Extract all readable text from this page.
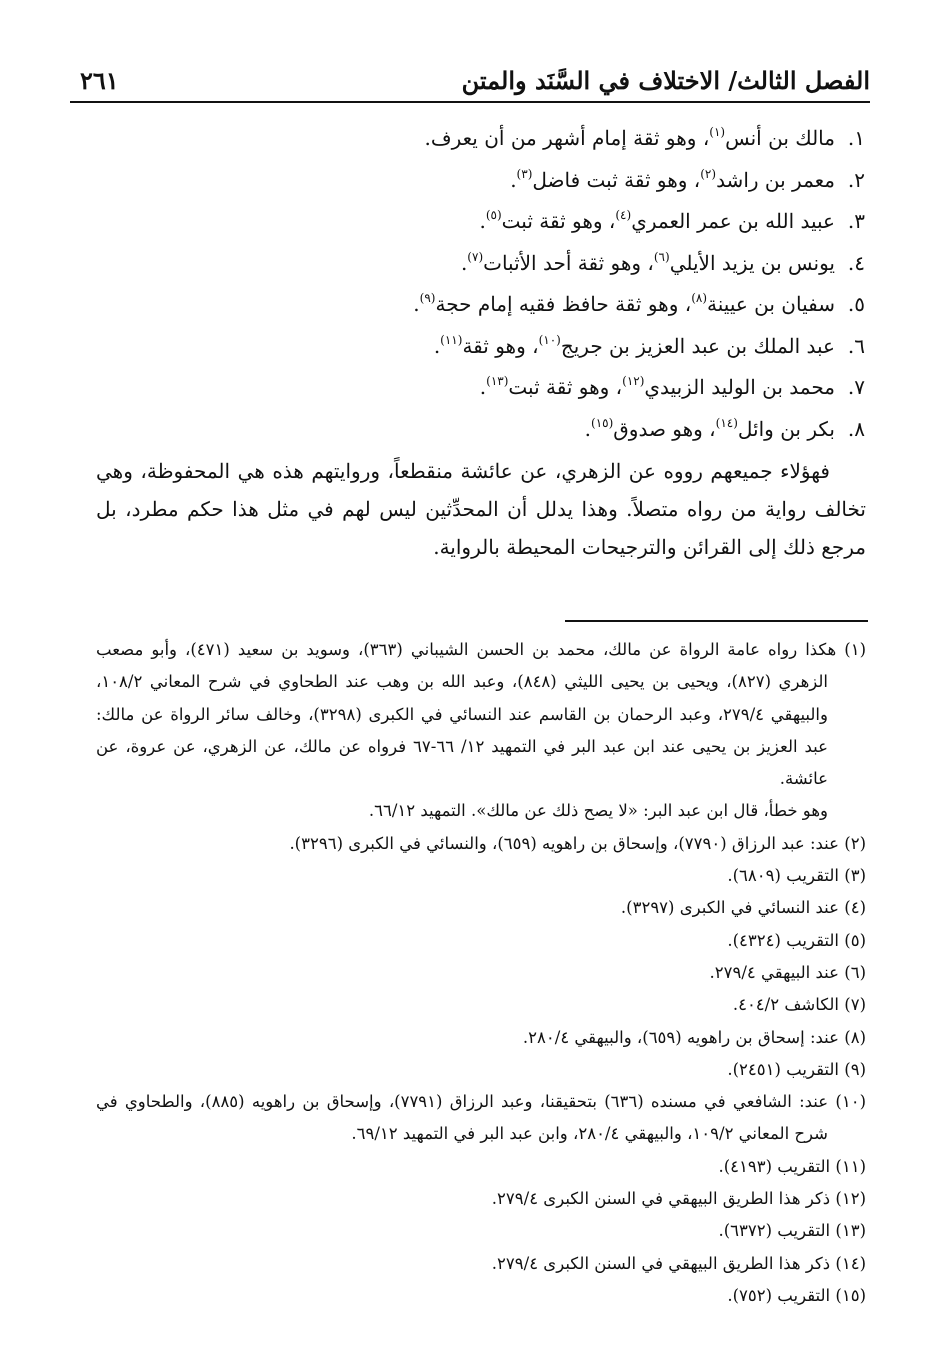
الفصل الثالث/ الاختلاف في السَّنَد والمتن
٢٦١
١.مالك بن أنس$^{(١)}$، وهو ثقة إمام أشهر من أن يعرف.
٢.معمر بن راشد$^{(٢)}$، وهو ثقة ثبت فاضل$^{(٣)}$.
٣.عبيد الله بن عمر العمري$^{(٤)}$، وهو ثقة ثبت$^{(٥)}$.
٤.يونس بن يزيد الأيلي$^{(٦)}$، وهو ثقة أحد الأثبات$^{(٧)}$.
٥.سفيان بن عيينة$^{(٨)}$، وهو ثقة حافظ فقيه إمام حجة$^{(٩)}$.
٦.عبد الملك بن عبد العزيز بن جريج$^{(١٠)}$، وهو ثقة$^{(١١)}$.
٧.محمد بن الوليد الزبيدي$^{(١٢)}$، وهو ثقة ثبت$^{(١٣)}$.
٨.بكر بن وائل$^{(١٤)}$، وهو صدوق$^{(١٥)}$.

فهؤلاء جميعهم رووه عن الزهري، عن عائشة منقطعاً، وروايتهم هذه هي المحفوظة، وهي تخالف رواية من رواه متصلاً. وهذا يدلل أن المحدِّثين ليس لهم في مثل هذا حكم مطرد، بل مرجع ذلك إلى القرائن والترجيحات المحيطة بالرواية.

(١) هكذا رواه عامة الرواة عن مالك، محمد بن الحسن الشيباني (٣٦٣)، وسويد بن سعيد (٤٧١)، وأبو مصعب الزهري (٨٢٧)، ويحيى بن يحيى الليثي (٨٤٨)، وعبد الله بن وهب عند الطحاوي في شرح المعاني ١٠٨/٢، والبيهقي ٢٧٩/٤، وعبد الرحمان بن القاسم عند النسائي في الكبرى (٣٢٩٨)، وخالف سائر الرواة عن مالك: عبد العزيز بن يحيى عند ابن عبد البر في التمهيد ١٢/ ٦٦-٦٧ فرواه عن مالك، عن الزهري، عن عروة، عن عائشة.
وهو خطأ، قال ابن عبد البر: «لا يصح ذلك عن مالك». التمهيد ٦٦/١٢.
(٢) عند: عبد الرزاق (٧٧٩٠)، وإسحاق بن راهويه (٦٥٩)، والنسائي في الكبرى (٣٢٩٦).
(٣) التقريب (٦٨٠٩).
(٤) عند النسائي في الكبرى (٣٢٩٧).
(٥) التقريب (٤٣٢٤).
(٦) عند البيهقي ٢٧٩/٤.
(٧) الكاشف ٤٠٤/٢.
(٨) عند: إسحاق بن راهويه (٦٥٩)، والبيهقي ٢٨٠/٤.
(٩) التقريب (٢٤٥١).
(١٠) عند: الشافعي في مسنده (٦٣٦) بتحقيقنا، وعبد الرزاق (٧٧٩١)، وإسحاق بن راهويه (٨٨٥)، والطحاوي في شرح المعاني ١٠٩/٢، والبيهقي ٢٨٠/٤، وابن عبد البر في التمهيد ٦٩/١٢.
(١١) التقريب (٤١٩٣).
(١٢) ذكر هذا الطريق البيهقي في السنن الكبرى ٢٧٩/٤.
(١٣) التقريب (٦٣٧٢).
(١٤) ذكر هذا الطريق البيهقي في السنن الكبرى ٢٧٩/٤.
(١٥) التقريب (٧٥٢).
